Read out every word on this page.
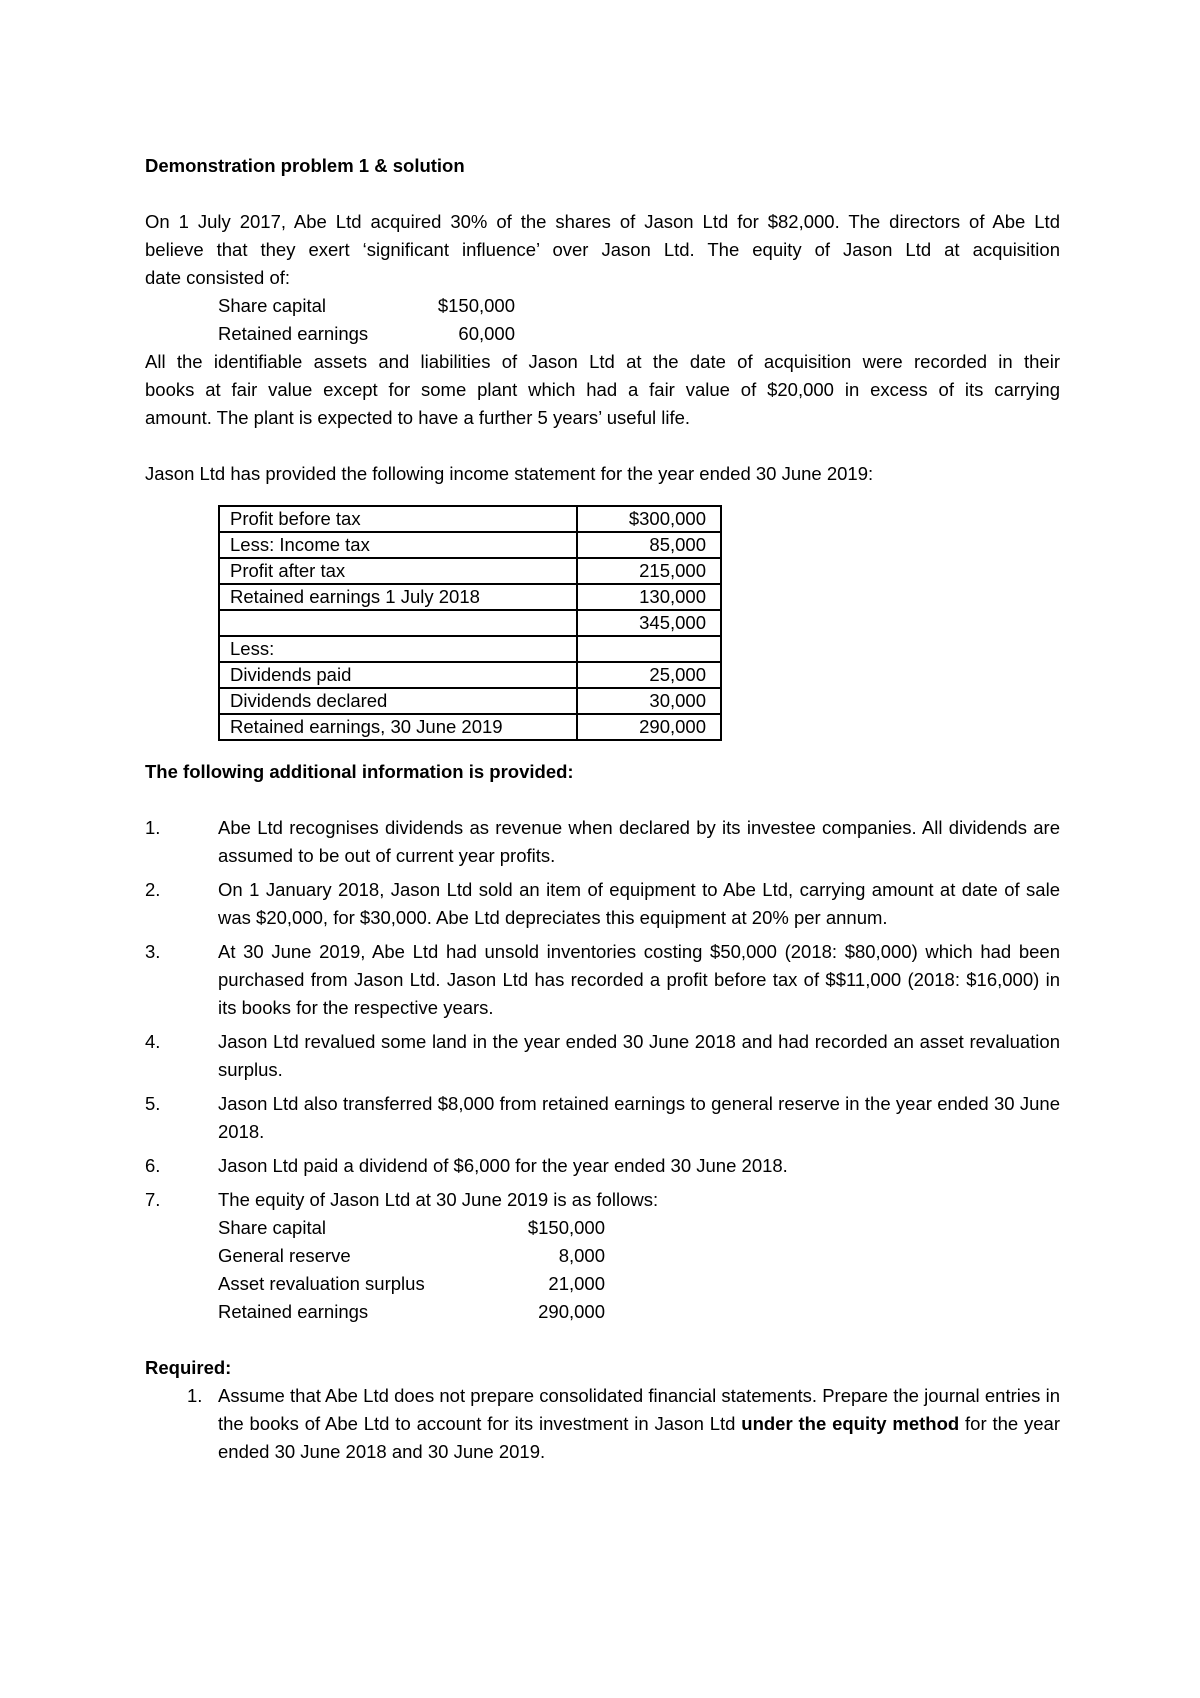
Demonstration problem 1 & solution

On 1 July 2017, Abe Ltd acquired 30% of the shares of Jason Ltd for $82,000. The directors of Abe Ltd
believe that they exert ‘significant influence’ over Jason Ltd. The equity of Jason Ltd at acquisition
date consisted of:
Share capital	$150,000
Retained earnings	60,000
All the identifiable assets and liabilities of Jason Ltd at the date of acquisition were recorded in their
books at fair value except for some plant which had a fair value of $20,000 in excess of its carrying
amount. The plant is expected to have a further 5 years’ useful life.

Jason Ltd has provided the following income statement for the year ended 30 June 2019:

Profit before tax	$300,000
Less: Income tax	85,000
Profit after tax	215,000
Retained earnings 1 July 2018	130,000
	345,000
Less:	
Dividends paid	25,000
Dividends declared	30,000
Retained earnings, 30 June 2019	290,000

The following additional information is provided:

1.	Abe Ltd recognises dividends as revenue when declared by its investee companies. All dividends are assumed to be out of current year profits.
2.	On 1 January 2018, Jason Ltd sold an item of equipment to Abe Ltd, carrying amount at date of sale was $20,000, for $30,000. Abe Ltd depreciates this equipment at 20% per annum.
3.	At 30 June 2019, Abe Ltd had unsold inventories costing $50,000 (2018: $80,000) which had been purchased from Jason Ltd. Jason Ltd has recorded a profit before tax of $$11,000 (2018: $16,000) in its books for the respective years.
4.	Jason Ltd revalued some land in the year ended 30 June 2018 and had recorded an asset revaluation surplus.
5.	Jason Ltd also transferred $8,000 from retained earnings to general reserve in the year ended 30 June 2018.
6.	Jason Ltd paid a dividend of $6,000 for the year ended 30 June 2018.
7.	The equity of Jason Ltd at 30 June 2019 is as follows:
Share capital	$150,000
General reserve	8,000
Asset revaluation surplus	21,000
Retained earnings	290,000

Required:

1. Assume that Abe Ltd does not prepare consolidated financial statements. Prepare the journal entries in the books of Abe Ltd to account for its investment in Jason Ltd under the equity method for the year ended 30 June 2018 and 30 June 2019.
